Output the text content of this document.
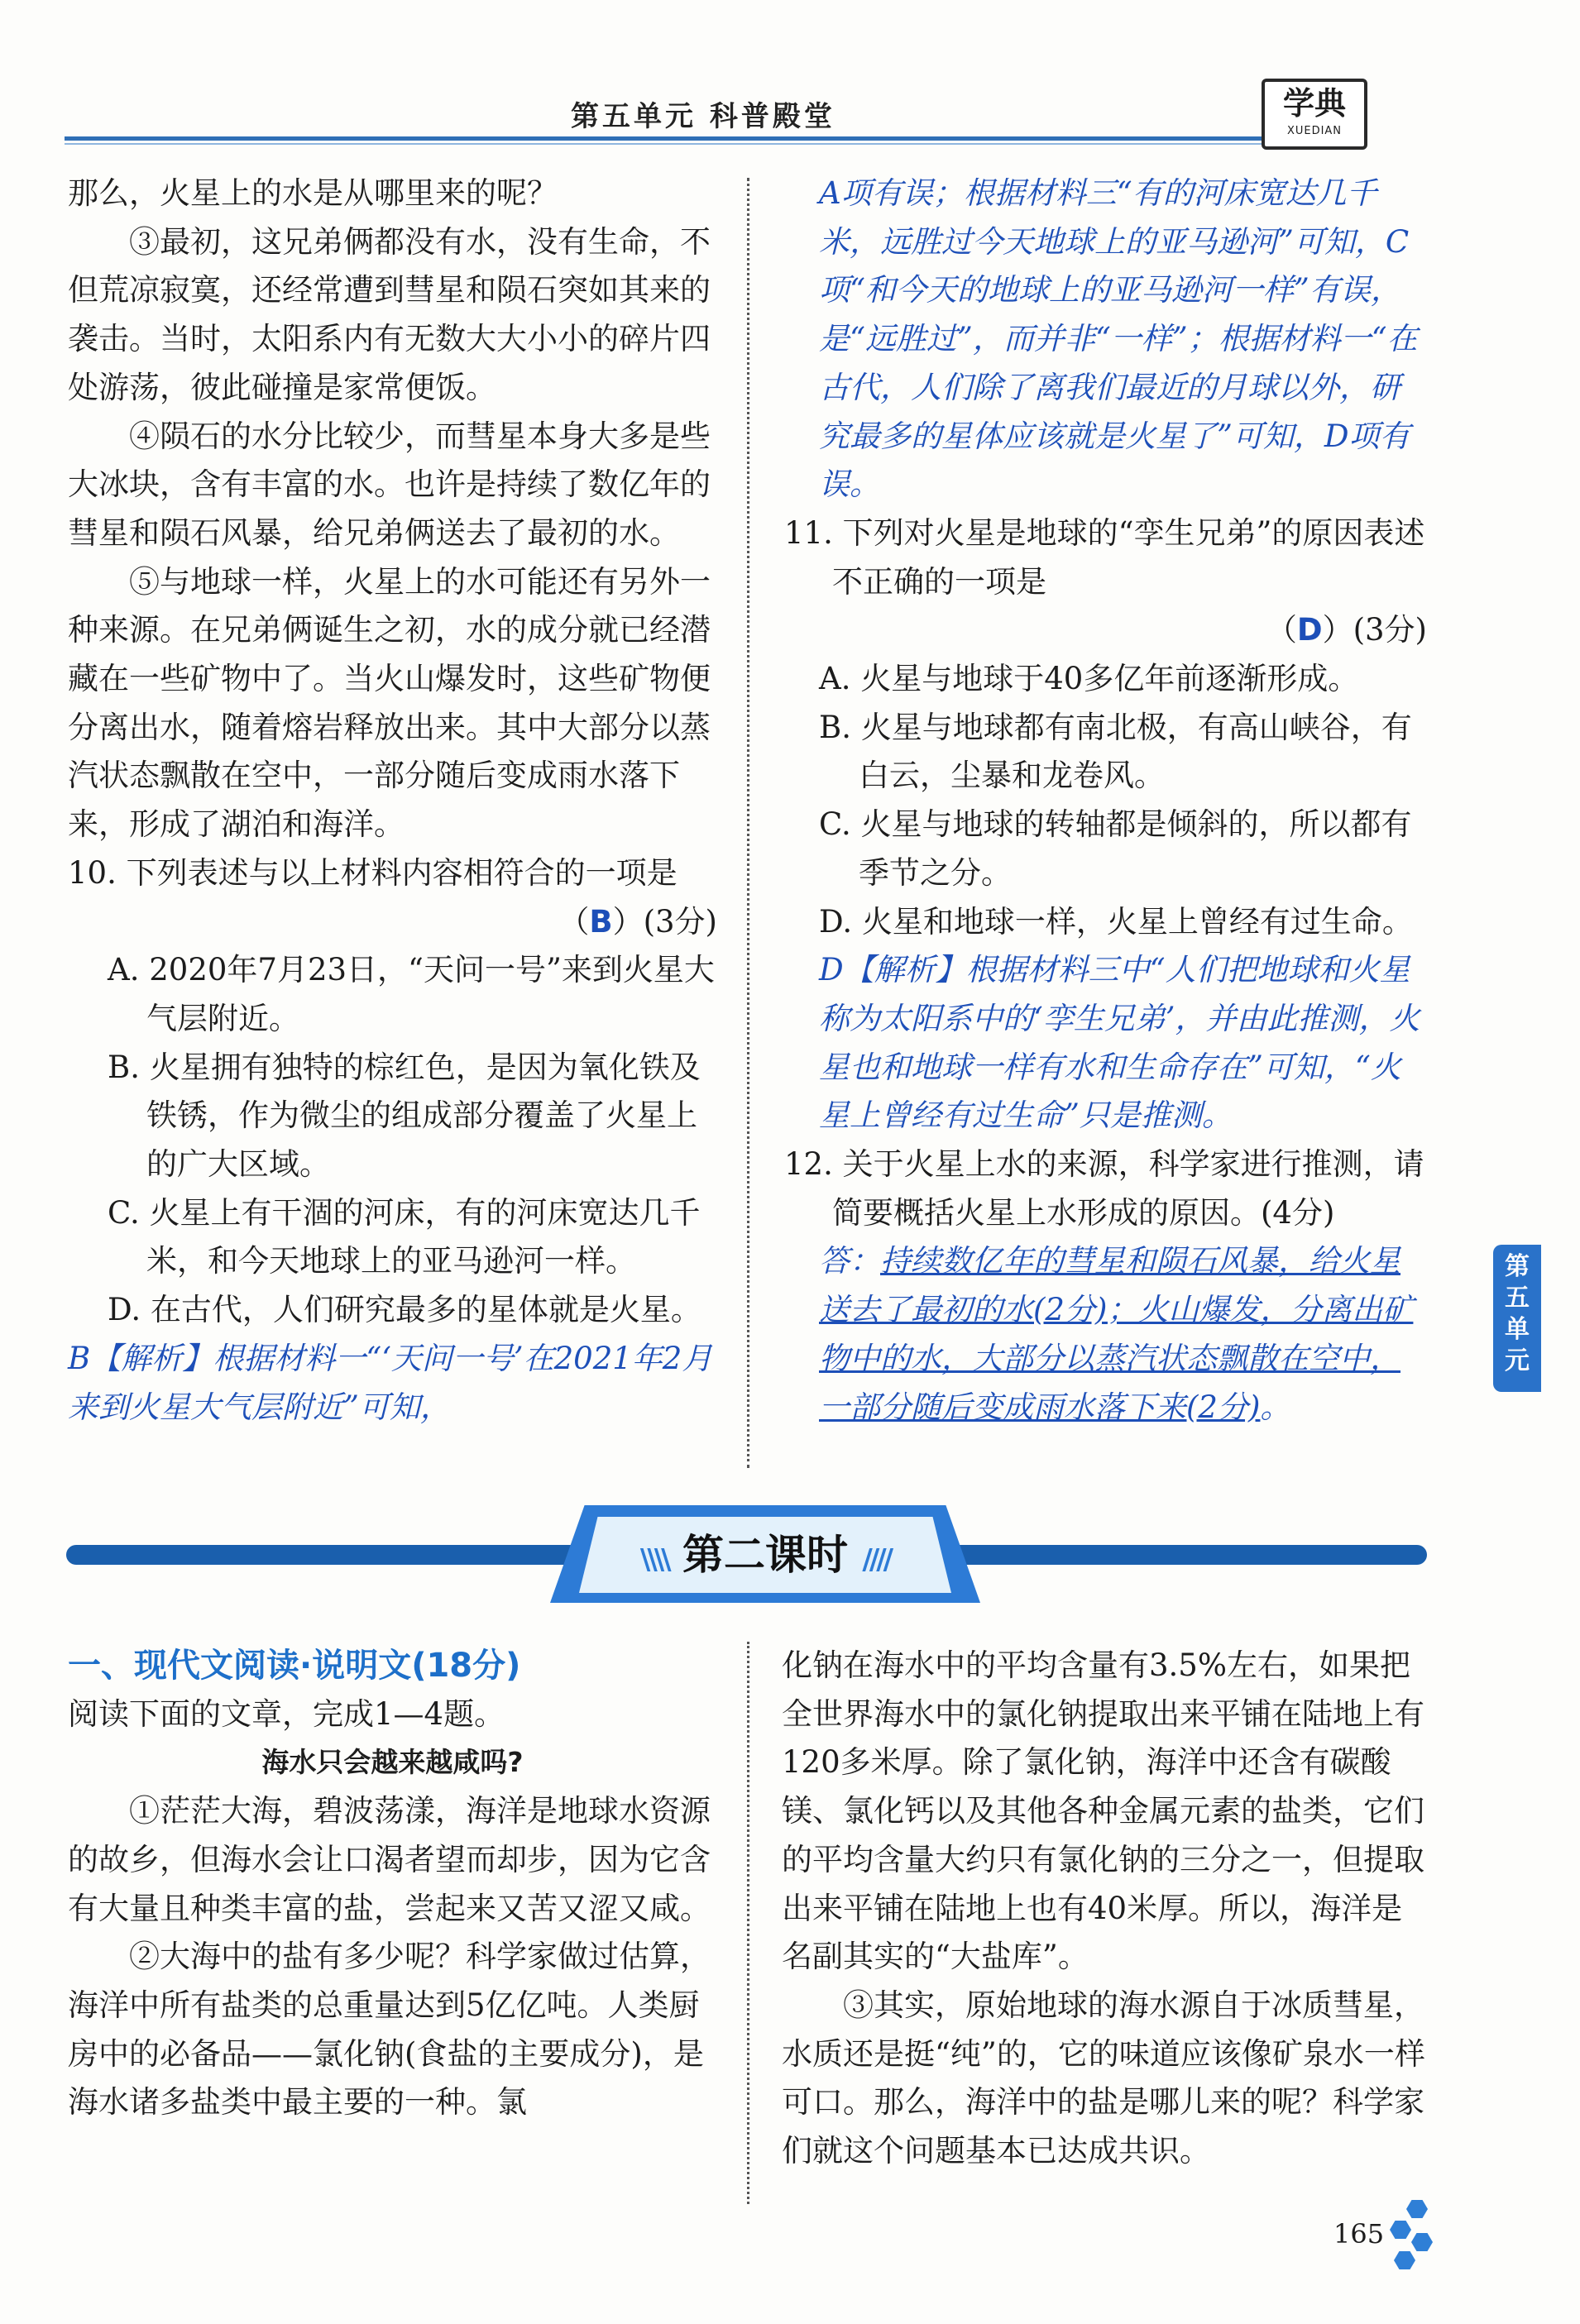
第五单元 科普殿堂	学典
XUEDIAN

那么，火星上的水是从哪里来的呢？

③最初，这兄弟俩都没有水，没有生命，不但荒凉寂寞，还经常遭到彗星和陨石突如其来的袭击。当时，太阳系内有无数大大小小的碎片四处游荡，彼此碰撞是家常便饭。

④陨石的水分比较少，而彗星本身大多是些大冰块，含有丰富的水。也许是持续了数亿年的彗星和陨石风暴，给兄弟俩送去了最初的水。

⑤与地球一样，火星上的水可能还有另外一种来源。在兄弟俩诞生之初，水的成分就已经潜藏在一些矿物中了。当火山爆发时，这些矿物便分离出水，随着熔岩释放出来。其中大部分以蒸汽状态飘散在空中，一部分随后变成雨水落下来，形成了湖泊和海洋。

10. 下列表述与以上材料内容相符合的一项是

（B）(3分)

A. 2020年7月23日，“天问一号”来到火星大气层附近。

B. 火星拥有独特的棕红色，是因为氧化铁及铁锈，作为微尘的组成部分覆盖了火星上的广大区域。

C. 火星上有干涸的河床，有的河床宽达几千米，和今天地球上的亚马逊河一样。

D. 在古代，人们研究最多的星体就是火星。

B【解析】根据材料一“‘天问一号’在2021年2月来到火星大气层附近”可知，

A项有误；根据材料三“有的河床宽达几千米，远胜过今天地球上的亚马逊河”可知，C项“和今天的地球上的亚马逊河一样”有误，是“远胜过”，而并非“一样”；根据材料一“在古代，人们除了离我们最近的月球以外，研究最多的星体应该就是火星了”可知，D项有误。

11. 下列对火星是地球的“孪生兄弟”的原因表述不正确的一项是

（D）(3分)

A. 火星与地球于40多亿年前逐渐形成。

B. 火星与地球都有南北极，有高山峡谷，有白云，尘暴和龙卷风。

C. 火星与地球的转轴都是倾斜的，所以都有季节之分。

D. 火星和地球一样，火星上曾经有过生命。

D【解析】根据材料三中“人们把地球和火星称为太阳系中的‘孪生兄弟’，并由此推测，火星也和地球一样有水和生命存在”可知，“火星上曾经有过生命”只是推测。

12. 关于火星上水的来源，科学家进行推测，请简要概括火星上水形成的原因。(4分)

答：持续数亿年的彗星和陨石风暴，给火星送去了最初的水(2分)；火山爆发，分离出矿物中的水，大部分以蒸汽状态飘散在空中，一部分随后变成雨水落下来(2分)。

\\\\ 第二课时 ////

一、现代文阅读·说明文(18分)

阅读下面的文章，完成1—4题。

海水只会越来越咸吗?

①茫茫大海，碧波荡漾，海洋是地球水资源的故乡，但海水会让口渴者望而却步，因为它含有大量且种类丰富的盐，尝起来又苦又涩又咸。

②大海中的盐有多少呢？科学家做过估算，海洋中所有盐类的总重量达到5亿亿吨。人类厨房中的必备品——氯化钠(食盐的主要成分)，是海水诸多盐类中最主要的一种。氯

化钠在海水中的平均含量有3.5%左右，如果把全世界海水中的氯化钠提取出来平铺在陆地上有120多米厚。除了氯化钠，海洋中还含有碳酸镁、氯化钙以及其他各种金属元素的盐类，它们的平均含量大约只有氯化钠的三分之一，但提取出来平铺在陆地上也有40米厚。所以，海洋是名副其实的“大盐库”。

③其实，原始地球的海水源自于冰质彗星，水质还是挺“纯”的，它的味道应该像矿泉水一样可口。那么，海洋中的盐是哪儿来的呢？科学家们就这个问题基本已达成共识。

第五单元
165
